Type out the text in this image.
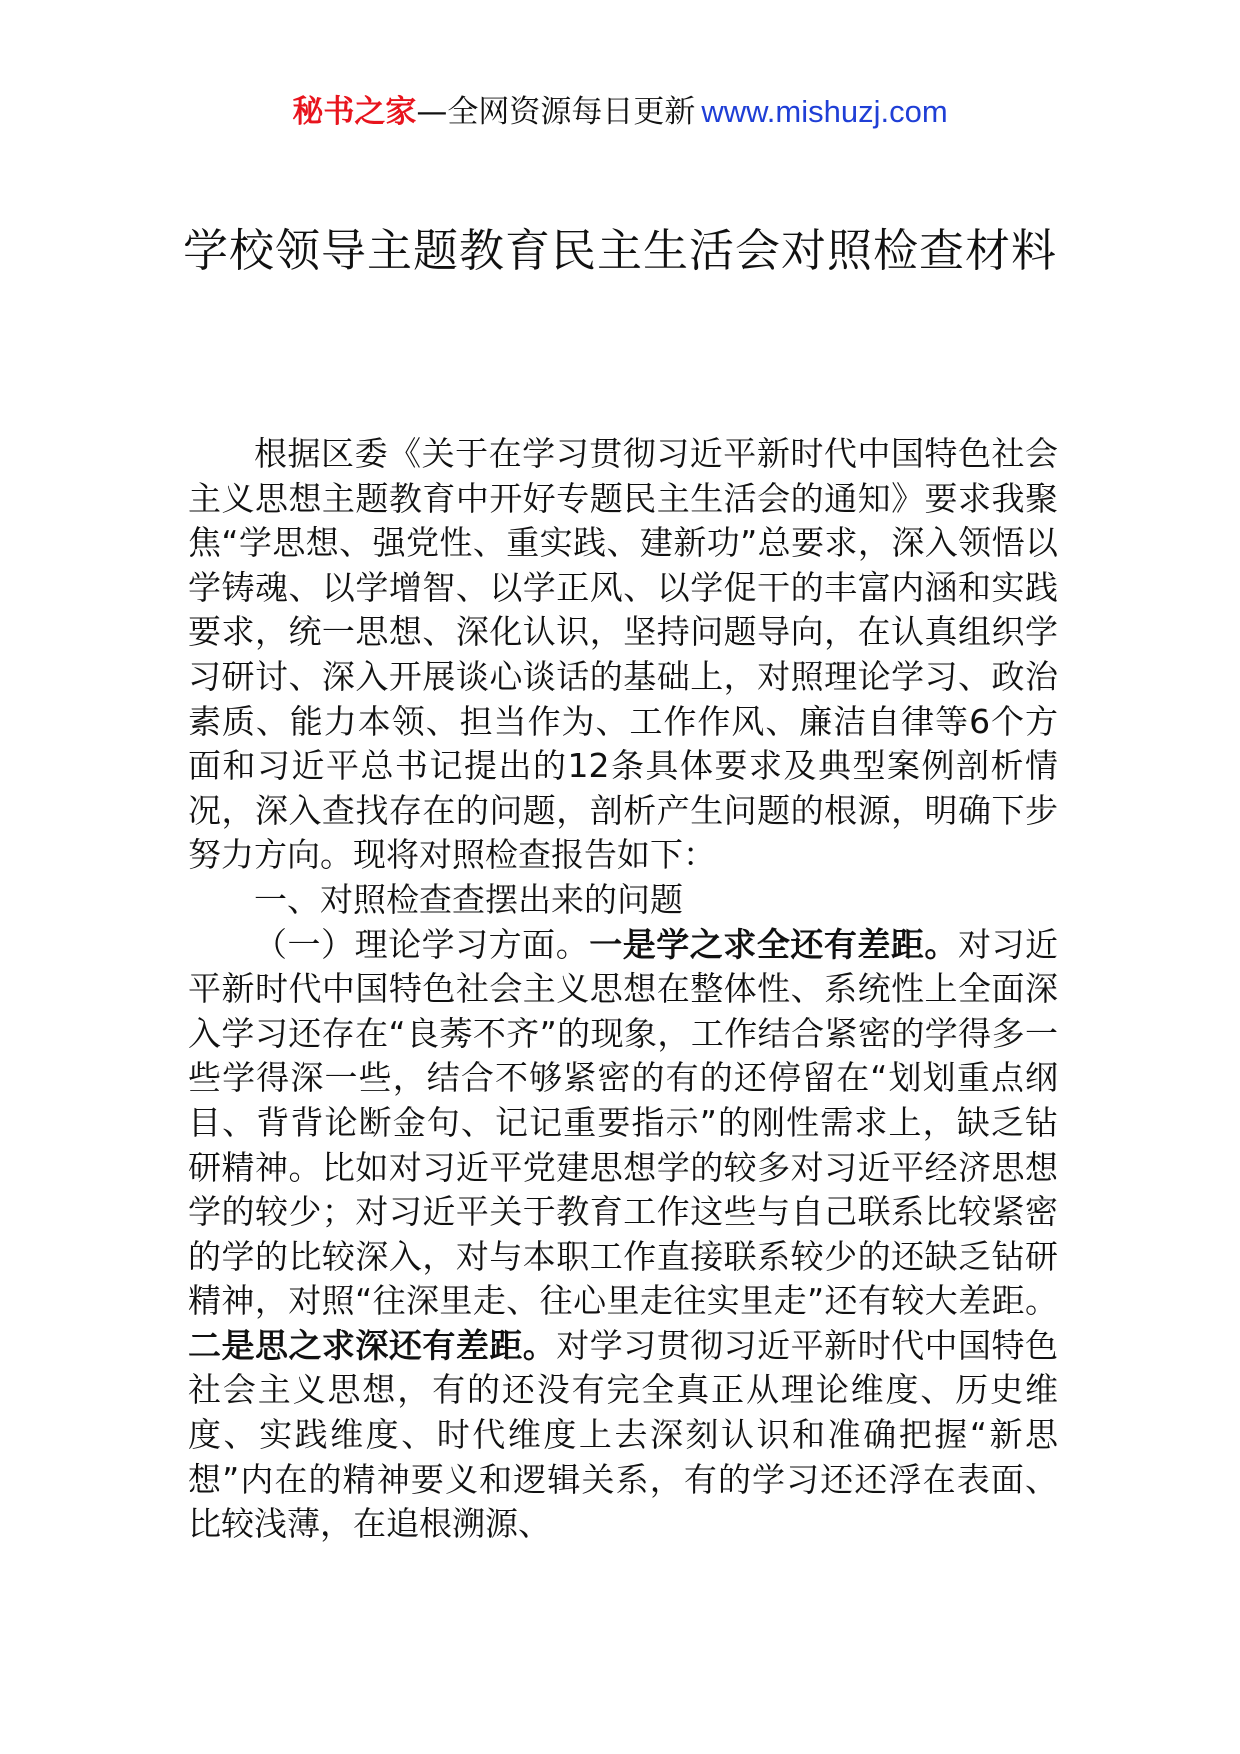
秘书之家—全网资源每日更新 www.mishuzj.com
学校领导主题教育民主生活会对照检查材料

根据区委《关于在学习贯彻习近平新时代中国特色社会主义思想主题教育中开好专题民主生活会的通知》要求我聚焦“学思想、强党性、重实践、建新功”总要求，深入领悟以学铸魂、以学增智、以学正风、以学促干的丰富内涵和实践要求，统一思想、深化认识，坚持问题导向，在认真组织学习研讨、深入开展谈心谈话的基础上，对照理论学习、政治素质、能力本领、担当作为、工作作风、廉洁自律等6个方面和习近平总书记提出的12条具体要求及典型案例剖析情况，深入查找存在的问题，剖析产生问题的根源，明确下步努力方向。现将对照检查报告如下：

一、对照检查查摆出来的问题

（一）理论学习方面。一是学之求全还有差距。对习近平新时代中国特色社会主义思想在整体性、系统性上全面深入学习还存在“良莠不齐”的现象，工作结合紧密的学得多一些学得深一些，结合不够紧密的有的还停留在“划划重点纲目、背背论断金句、记记重要指示”的刚性需求上，缺乏钻研精神。比如对习近平党建思想学的较多对习近平经济思想学的较少；对习近平关于教育工作这些与自己联系比较紧密的学的比较深入，对与本职工作直接联系较少的还缺乏钻研精神，对照“往深里走、往心里走往实里走”还有较大差距。二是思之求深还有差距。对学习贯彻习近平新时代中国特色社会主义思想，有的还没有完全真正从理论维度、历史维度、实践维度、时代维度上去深刻认识和准确把握“新思想”内在的精神要义和逻辑关系，有的学习还还浮在表面、比较浅薄，在追根溯源、
